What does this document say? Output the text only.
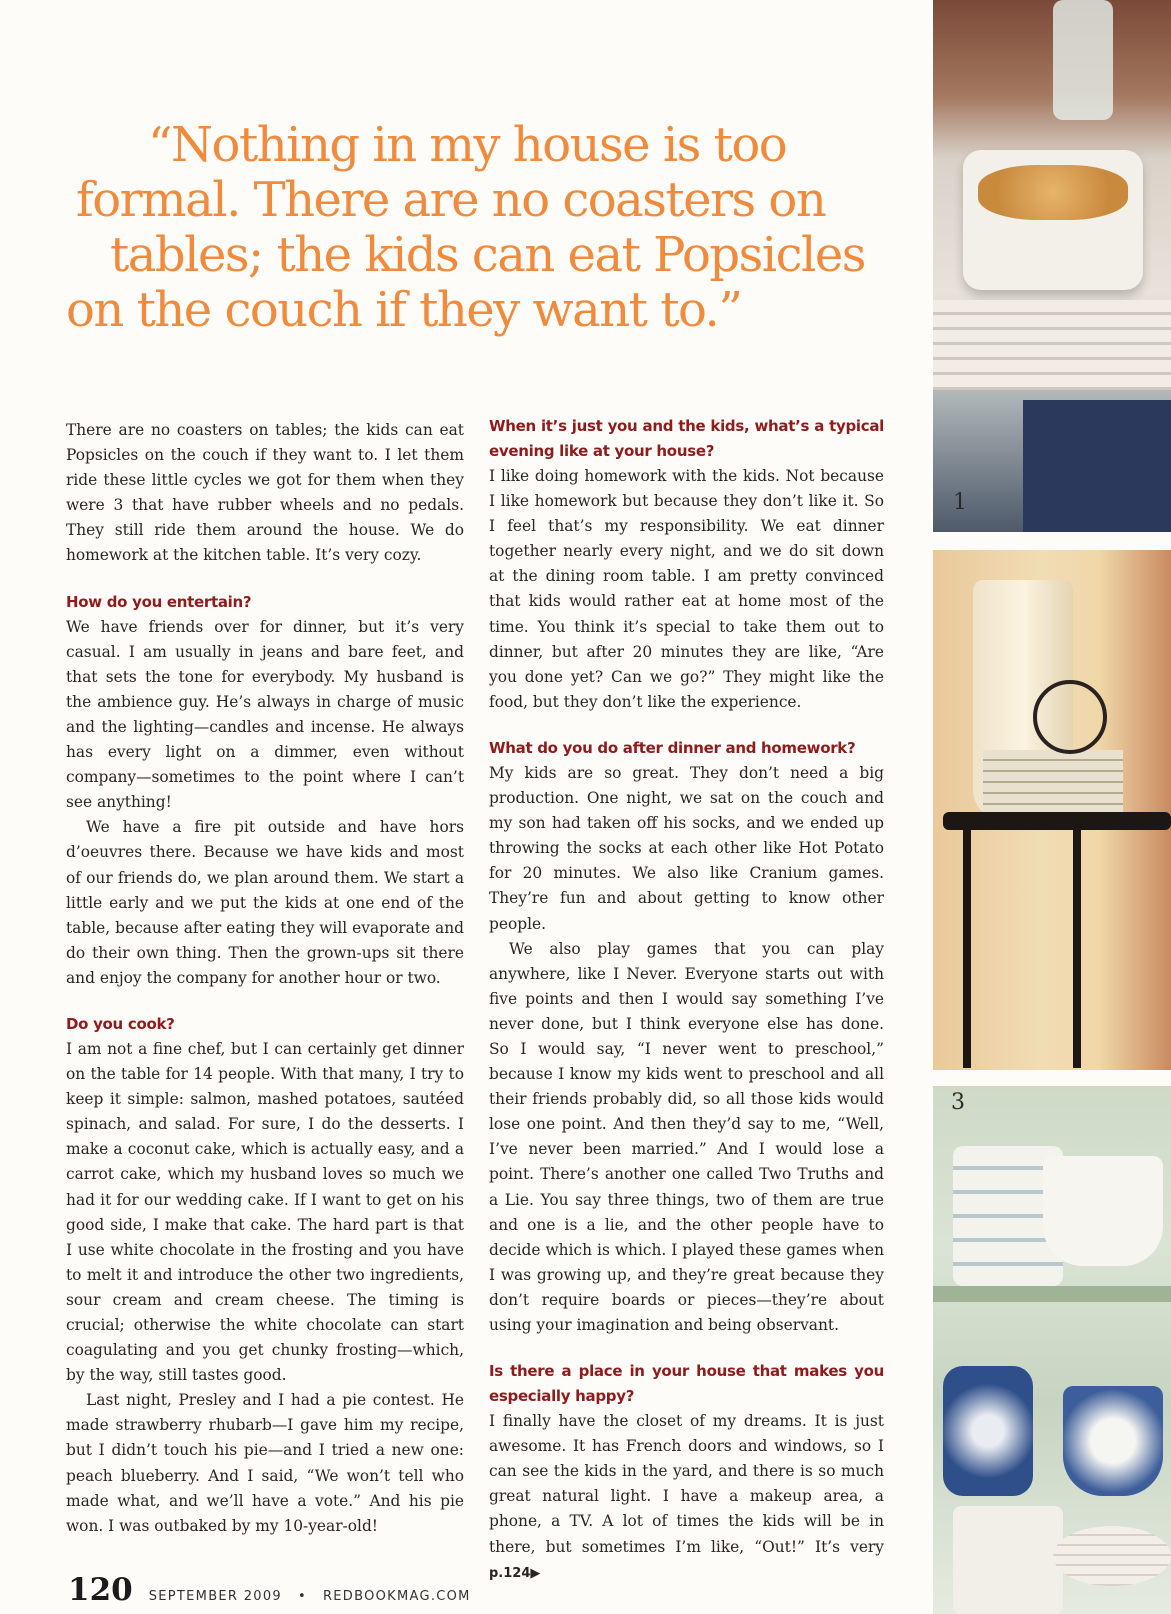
“Nothing in my house is too
formal. There are no coasters on
tables; the kids can eat Popsicles
on the couch if they want to.”

There are no coasters on tables; the kids can eat Popsicles on the couch if they want to. I let them ride these little cycles we got for them when they were 3 that have rubber wheels and no pedals. They still ride them around the house. We do homework at the kitchen table. It’s very cozy.

How do you entertain?

We have friends over for dinner, but it’s very casual. I am usually in jeans and bare feet, and that sets the tone for everybody. My husband is the ambience guy. He’s always in charge of music and the lighting—candles and incense. He always has every light on a dimmer, even without company—sometimes to the point where I can’t see anything!

We have a fire pit outside and have hors d’oeuvres there. Because we have kids and most of our friends do, we plan around them. We start a little early and we put the kids at one end of the table, because after eating they will evaporate and do their own thing. Then the grown-ups sit there and enjoy the company for another hour or two.

Do you cook?

I am not a fine chef, but I can certainly get dinner on the table for 14 people. With that many, I try to keep it simple: salmon, mashed potatoes, sautéed spinach, and salad. For sure, I do the desserts. I make a coconut cake, which is actually easy, and a carrot cake, which my husband loves so much we had it for our wedding cake. If I want to get on his good side, I make that cake. The hard part is that I use white chocolate in the frosting and you have to melt it and introduce the other two ingredients, sour cream and cream cheese. The timing is crucial; otherwise the white chocolate can start coagulating and you get chunky frosting—which, by the way, still tastes good.

Last night, Presley and I had a pie contest. He made strawberry rhubarb—I gave him my recipe, but I didn’t touch his pie—and I tried a new one: peach blueberry. And I said, “We won’t tell who made what, and we’ll have a vote.” And his pie won. I was outbaked by my 10-year-old!

When it’s just you and the kids, what’s a typical evening like at your house?

I like doing homework with the kids. Not because I like homework but because they don’t like it. So I feel that’s my responsibility. We eat dinner together nearly every night, and we do sit down at the dining room table. I am pretty convinced that kids would rather eat at home most of the time. You think it’s special to take them out to dinner, but after 20 minutes they are like, “Are you done yet? Can we go?” They might like the food, but they don’t like the experience.

What do you do after dinner and homework?

My kids are so great. They don’t need a big production. One night, we sat on the couch and my son had taken off his socks, and we ended up throwing the socks at each other like Hot Potato for 20 minutes. We also like Cranium games. They’re fun and about getting to know other people.

We also play games that you can play anywhere, like I Never. Everyone starts out with five points and then I would say something I’ve never done, but I think everyone else has done. So I would say, “I never went to preschool,” because I know my kids went to preschool and all their friends probably did, so all those kids would lose one point. And then they’d say to me, “Well, I’ve never been married.” And I would lose a point. There’s another one called Two Truths and a Lie. You say three things, two of them are true and one is a lie, and the other people have to decide which is which. I played these games when I was growing up, and they’re great because they don’t require boards or pieces—they’re about using your imagination and being observant.

Is there a place in your house that makes you especially happy?

I finally have the closet of my dreams. It is just awesome. It has French doors and windows, so I can see the kids in the yard, and there is so much great natural light. I have a makeup area, a phone, a TV. A lot of times the kids will be in there, but sometimes I’m like, “Out!” It’s very p.124▶

120 SEPTEMBER 2009 • REDBOOKMAG.COM
1
3
